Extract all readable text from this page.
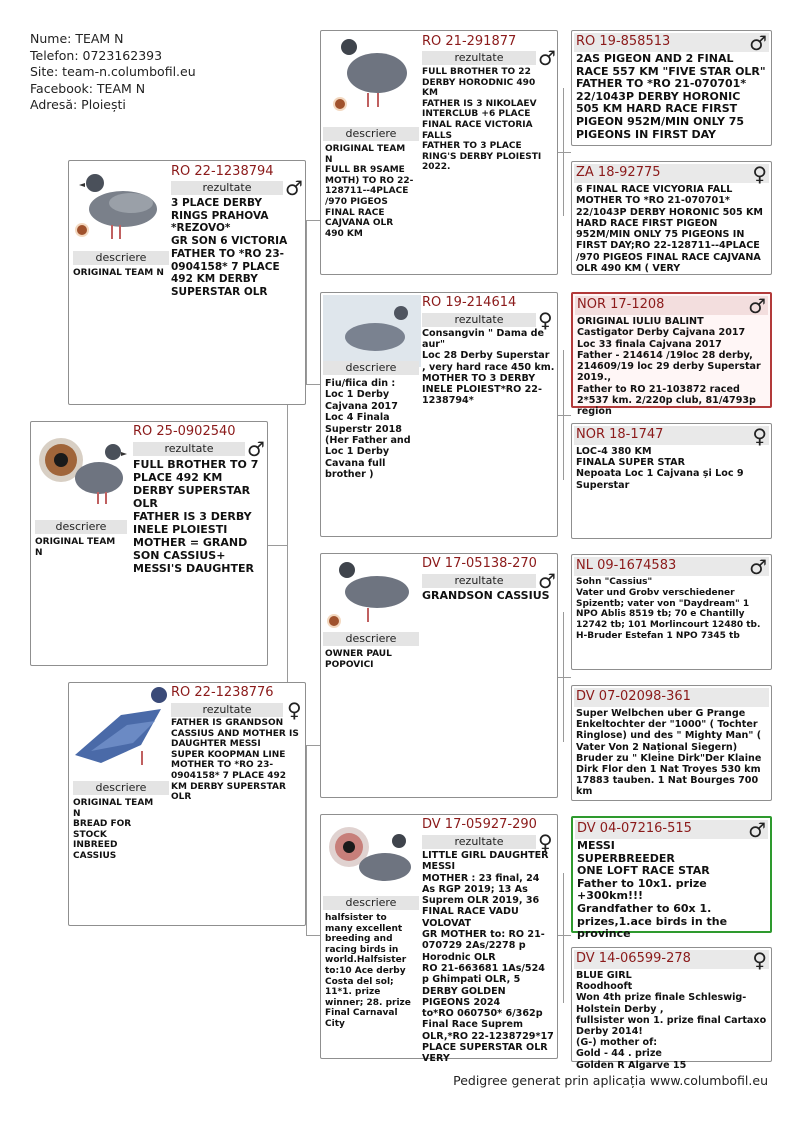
Nume: TEAM N
Telefon: 0723162393
Site: team-n.columbofil.eu
Facebook: TEAM N
Adresă: Ploiești
descriere
ORIGINAL TEAM N
RO 25-0902540
rezultate	♂
FULL BROTHER TO 7 PLACE 492 KM DERBY SUPERSTAR OLR
FATHER IS 3 DERBY INELE PLOIESTI
MOTHER = GRAND SON CASSIUS+ MESSI'S DAUGHTER
descriere
ORIGINAL TEAM N
RO 22-1238794
rezultate	♂
3 PLACE DERBY RINGS PRAHOVA *REZOVO*
GR SON 6 VICTORIA FATHER TO *RO 23-0904158* 7 PLACE 492 KM DERBY SUPERSTAR OLR
descriere
ORIGINAL TEAM N
BREAD FOR STOCK
INBREED
CASSIUS
RO 22-1238776
rezultate	♀
FATHER IS GRANDSON CASSIUS AND MOTHER IS DAUGHTER MESSI
SUPER KOOPMAN LINE
MOTHER TO *RO 23-0904158* 7 PLACE 492 KM DERBY SUPERSTAR OLR
descriere
ORIGINAL TEAM N
FULL BR 9SAME MOTH) TO RO 22-128711--4PLACE /970 PIGEOS FINAL RACE CAJVANA OLR 490 KM
RO 21-291877
rezultate	♂
FULL BROTHER TO 22 DERBY HORODNIC 490 KM
FATHER IS 3 NIKOLAEV INTERCLUB +6 PLACE FINAL RACE VICTORIA FALLS
FATHER TO 3 PLACE RING'S DERBY PLOIESTI 2022.
descriere
Fiu/fiica din : Loc 1 Derby Cajvana 2017 Loc 4 Finala Superstr 2018 (Her Father and Loc 1 Derby Cavana full brother )
RO 19-214614
rezultate	♀
Consangvin " Dama de aur"
Loc 28 Derby Superstar , very hard race 450 km.
MOTHER TO 3 DERBY INELE PLOIEST*RO 22-1238794*
descriere
OWNER PAUL POPOVICI
DV 17-05138-270
rezultate	♂
GRANDSON CASSIUS
descriere
halfsister to many excellent breeding and racing birds in world.Halfsister to:10 Ace derby Costa del sol; 11*1. prize winner; 28. prize Final Carnaval City
DV 17-05927-290
rezultate	♀
LITTLE GIRL DAUGHTER MESSI
MOTHER : 23 final, 24 As RGP 2019; 13 As Suprem OLR 2019, 36 FINAL RACE VADU VOLOVAT
GR MOTHER to: RO 21-070729 2As/2278 p Horodnic OLR
RO 21-663681 1As/524 p Ghimpati OLR, 5 DERBY GOLDEN PIGEONS 2024
to*RO 060750* 6/362p Final Race Suprem OLR,*RO 22-1238729*17 PLACE SUPERSTAR OLR VERY
RO 19-858513	♂
2AS PIGEON AND 2 FINAL RACE 557 KM "FIVE STAR OLR"
FATHER TO *RO 21-070701* 22/1043P DERBY HORONIC 505 KM HARD RACE FIRST PIGEON 952M/MIN ONLY 75 PIGEONS IN FIRST DAY
ZA 18-92775	♀
6 FINAL RACE VICYORIA FALL
MOTHER TO *RO 21-070701* 22/1043P DERBY HORONIC 505 KM HARD RACE FIRST PIGEON 952M/MIN ONLY 75 PIGEONS IN FIRST DAY;RO 22-128711--4PLACE /970 PIGEOS FINAL RACE CAJVANA OLR 490 KM ( VERY
NOR 17-1208	♂
ORIGINAL IULIU BALINT
Castigator Derby Cajvana 2017
Loc 33 finala Cajvana 2017
Father - 214614 /19loc 28 derby, 214609/19 loc 29 derby Superstar 2019.,
Father to RO 21-103872 raced 2*537 km. 2/220p club, 81/4793p region
NOR 18-1747	♀
LOC-4 380 KM
FINALA SUPER STAR
Nepoata Loc 1 Cajvana și Loc 9 Superstar
NL 09-1674583	♂
Sohn "Cassius"
Vater und Grobv verschiedener Spizentb; vater von "Daydream" 1 NPO Ablis 8519 tb; 70 e Chantilly 12742 tb; 101 Morlincourt 12480 tb.
H-Bruder Estefan 1 NPO 7345 tb
DV 07-02098-361
Super Welbchen uber G Prange Enkeltochter der "1000" ( Tochter Ringlose) und des " Mighty Man" ( Vater Von 2 Național Siegern) Bruder zu " Kleine Dirk"Der Klaine Dirk Flor den 1 Nat Troyes 530 km 17883 tauben. 1 Nat Bourges 700 km
DV 04-07216-515	♂
MESSI
SUPERBREEDER
ONE LOFT RACE STAR
Father to 10x1. prize +300km!!!
Grandfather to 60x 1. prizes,1.ace birds in the province
DV 14-06599-278	♀
BLUE GIRL
Roodhooft
Won 4th prize finale Schleswig-Holstein Derby ,
fullsister won 1. prize final Cartaxo Derby 2014!
(G-) mother of:
Gold - 44 . prize
Golden R Algarve 15
Pedigree generat prin aplicația www.columbofil.eu
